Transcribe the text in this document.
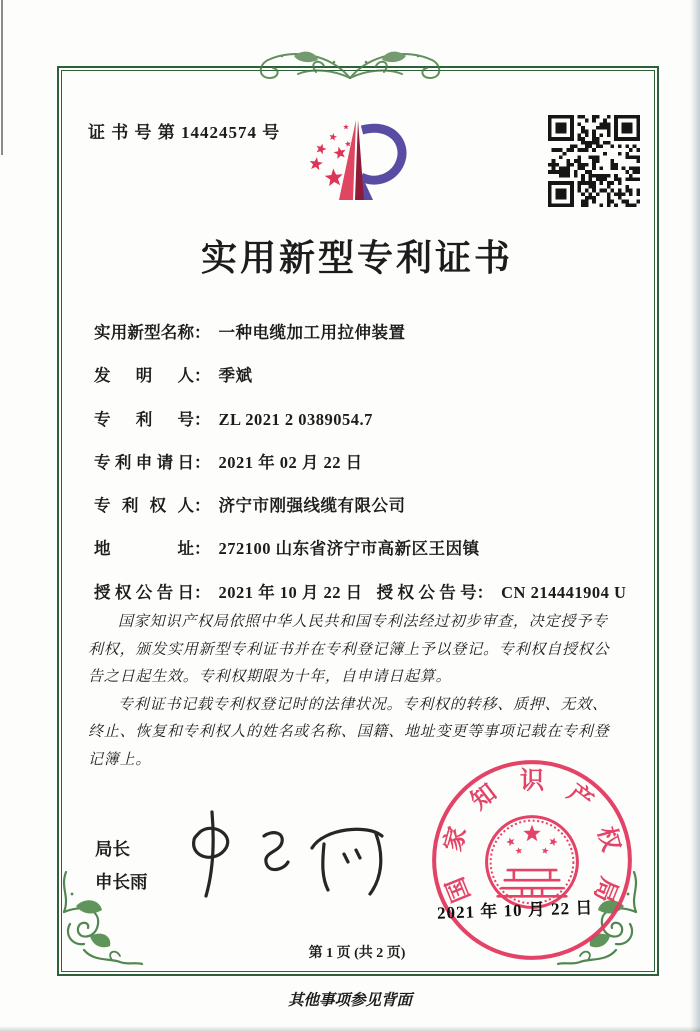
证 书 号 第 14424574 号
实用新型专利证书
实 用 新 型 名 称 ： 一种电缆加工用拉伸装置
发 明 人 ： 季斌
专 利 号 ： ZL 2021 2 0389054.7
专 利 申 请 日 ： 2021 年 02 月 22 日
专 利 权 人 ： 济宁市刚强线缆有限公司
地	址 ： 272100 山东省济宁市高新区王因镇
授 权 公 告 日 ： 2021 年 10 月 22 日 授 权 公 告 号 ： CN 214441904 U

国家知识产权局依照中华人民共和国专利法经过初步审查，决定授予专利权，颁发实用新型专利证书并在专利登记簿上予以登记。专利权自授权公告之日起生效。专利权期限为十年，自申请日起算。

专利证书记载专利权登记时的法律状况。专利权的转移、质押、无效、终止、恢复和专利权人的姓名或名称、国籍、地址变更等事项记载在专利登记簿上。

局长
申长雨	国
家
知 识 产
权
局
2021 年 10 月 22 日
第 1 页 (共 2 页)
其他事项参见背面
